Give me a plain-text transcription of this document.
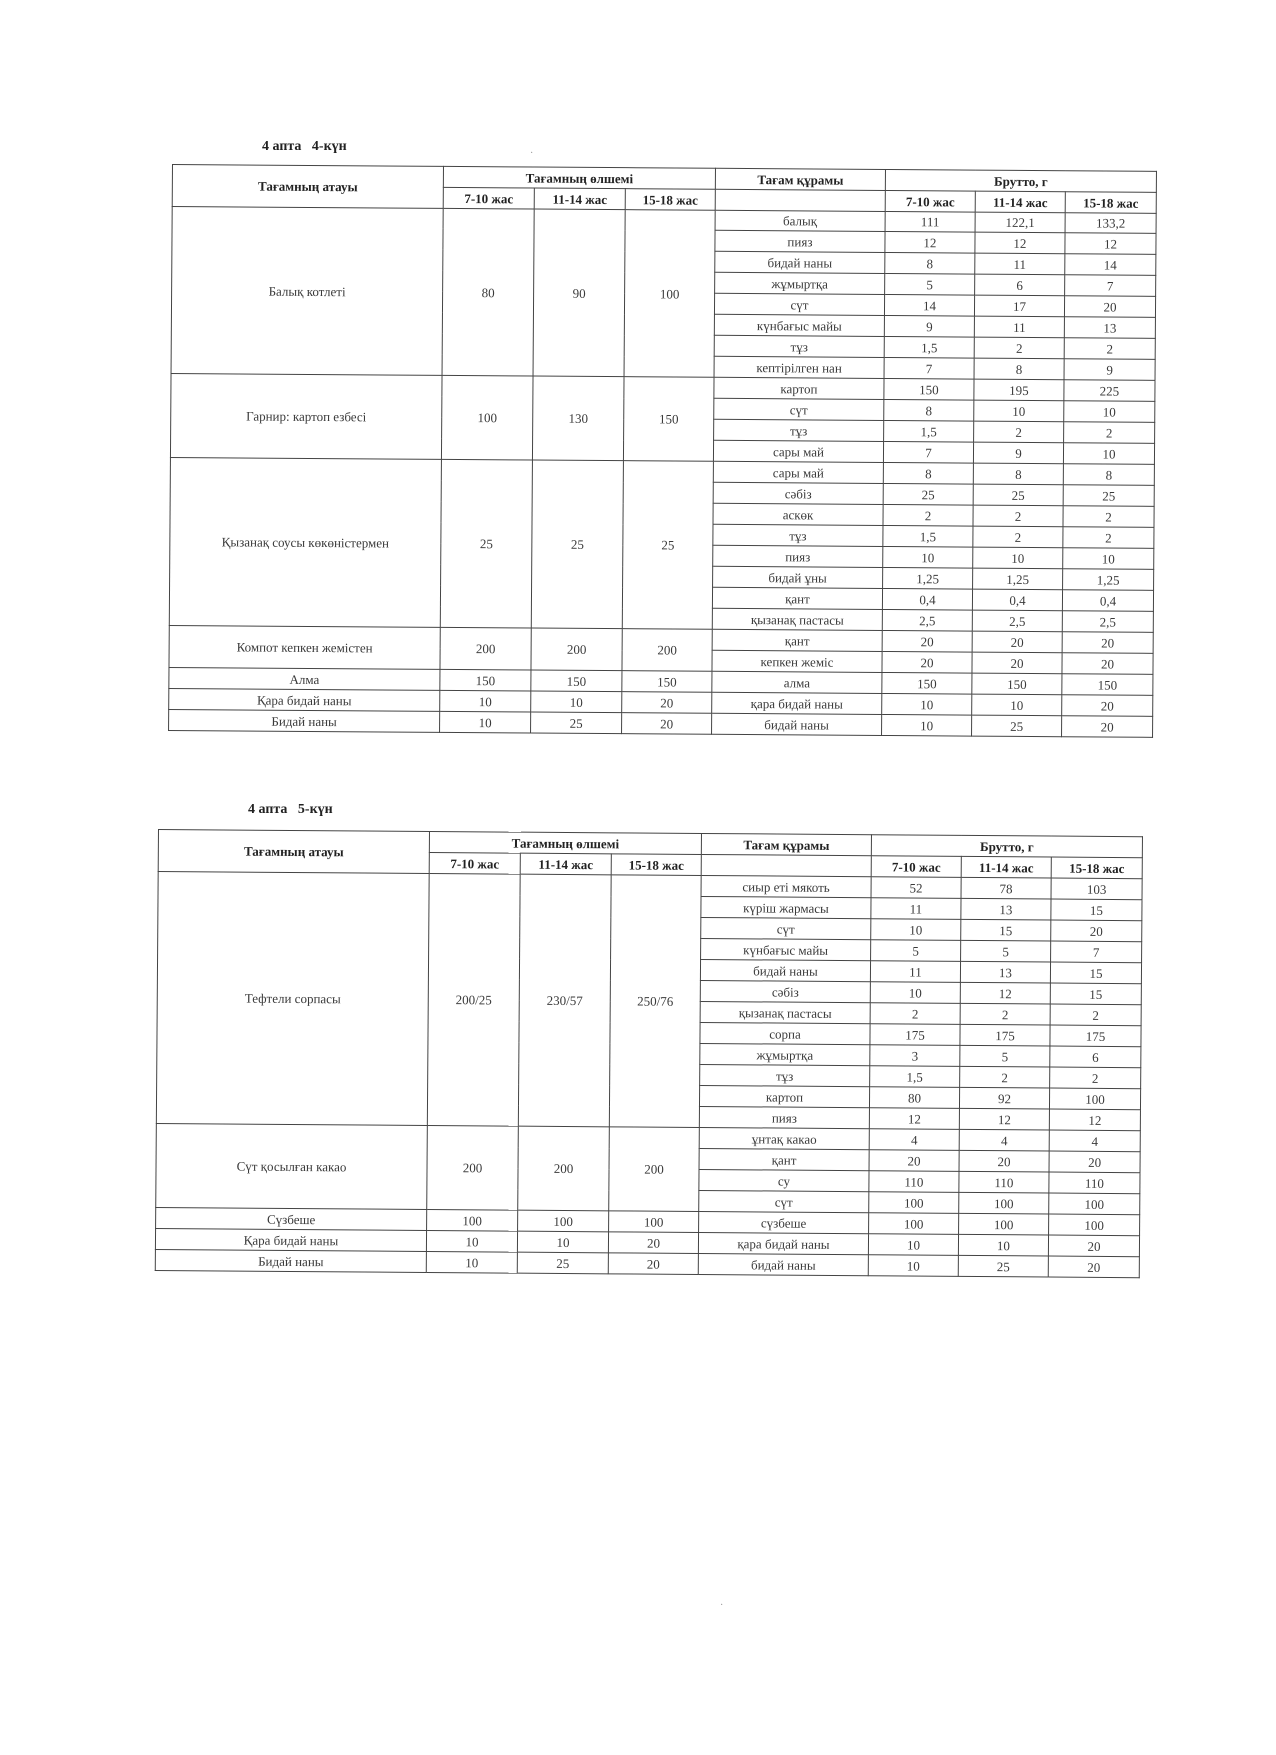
4 апта   4-күн
Тағамның атауы	Тағамның өлшемі			Тағам құрамы	Брутто, г		
	7-10 жас	11-14 жас	15-18 жас		7-10 жас	11-14 жас	15-18 жас
Балық котлеті	80	90	100	балық	111	122,1	133,2
				пияз	12	12	12
				бидай наны	8	11	14
				жұмыртқа	5	6	7
				сүт	14	17	20
				күнбағыс майы	9	11	13
				тұз	1,5	2	2
				кептірілген нан	7	8	9
Гарнир: картоп езбесі	100	130	150	картоп	150	195	225
				сүт	8	10	10
				тұз	1,5	2	2
				сары май	7	9	10
Қызанақ соусы көкөністермен	25	25	25	сары май	8	8	8
				сәбіз	25	25	25
				аскөк	2	2	2
				тұз	1,5	2	2
				пияз	10	10	10
				бидай ұны	1,25	1,25	1,25
				қант	0,4	0,4	0,4
				қызанақ пастасы	2,5	2,5	2,5
Компот кепкен жемістен	200	200	200	қант	20	20	20
				кепкен жеміс	20	20	20
Алма	150	150	150	алма	150	150	150
Қара бидай наны	10	10	20	қара бидай наны	10	10	20
Бидай наны	10	25	20	бидай наны	10	25	20
4 апта   5-күн
Тағамның атауы	Тағамның өлшемі			Тағам құрамы	Брутто, г		
	7-10 жас	11-14 жас	15-18 жас		7-10 жас	11-14 жас	15-18 жас
Тефтели сорпасы	200/25	230/57	250/76	сиыр еті мякоть	52	78	103
				күріш жармасы	11	13	15
				сүт	10	15	20
				күнбағыс майы	5	5	7
				бидай наны	11	13	15
				сәбіз	10	12	15
				қызанақ пастасы	2	2	2
				сорпа	175	175	175
				жұмыртқа	3	5	6
				тұз	1,5	2	2
				картоп	80	92	100
				пияз	12	12	12
Сүт қосылған какао	200	200	200	ұнтақ какао	4	4	4
				қант	20	20	20
				су	110	110	110
				сүт	100	100	100
Сүзбеше	100	100	100	сүзбеше	100	100	100
Қара бидай наны	10	10	20	қара бидай наны	10	10	20
Бидай наны	10	25	20	бидай наны	10	25	20
·
·
